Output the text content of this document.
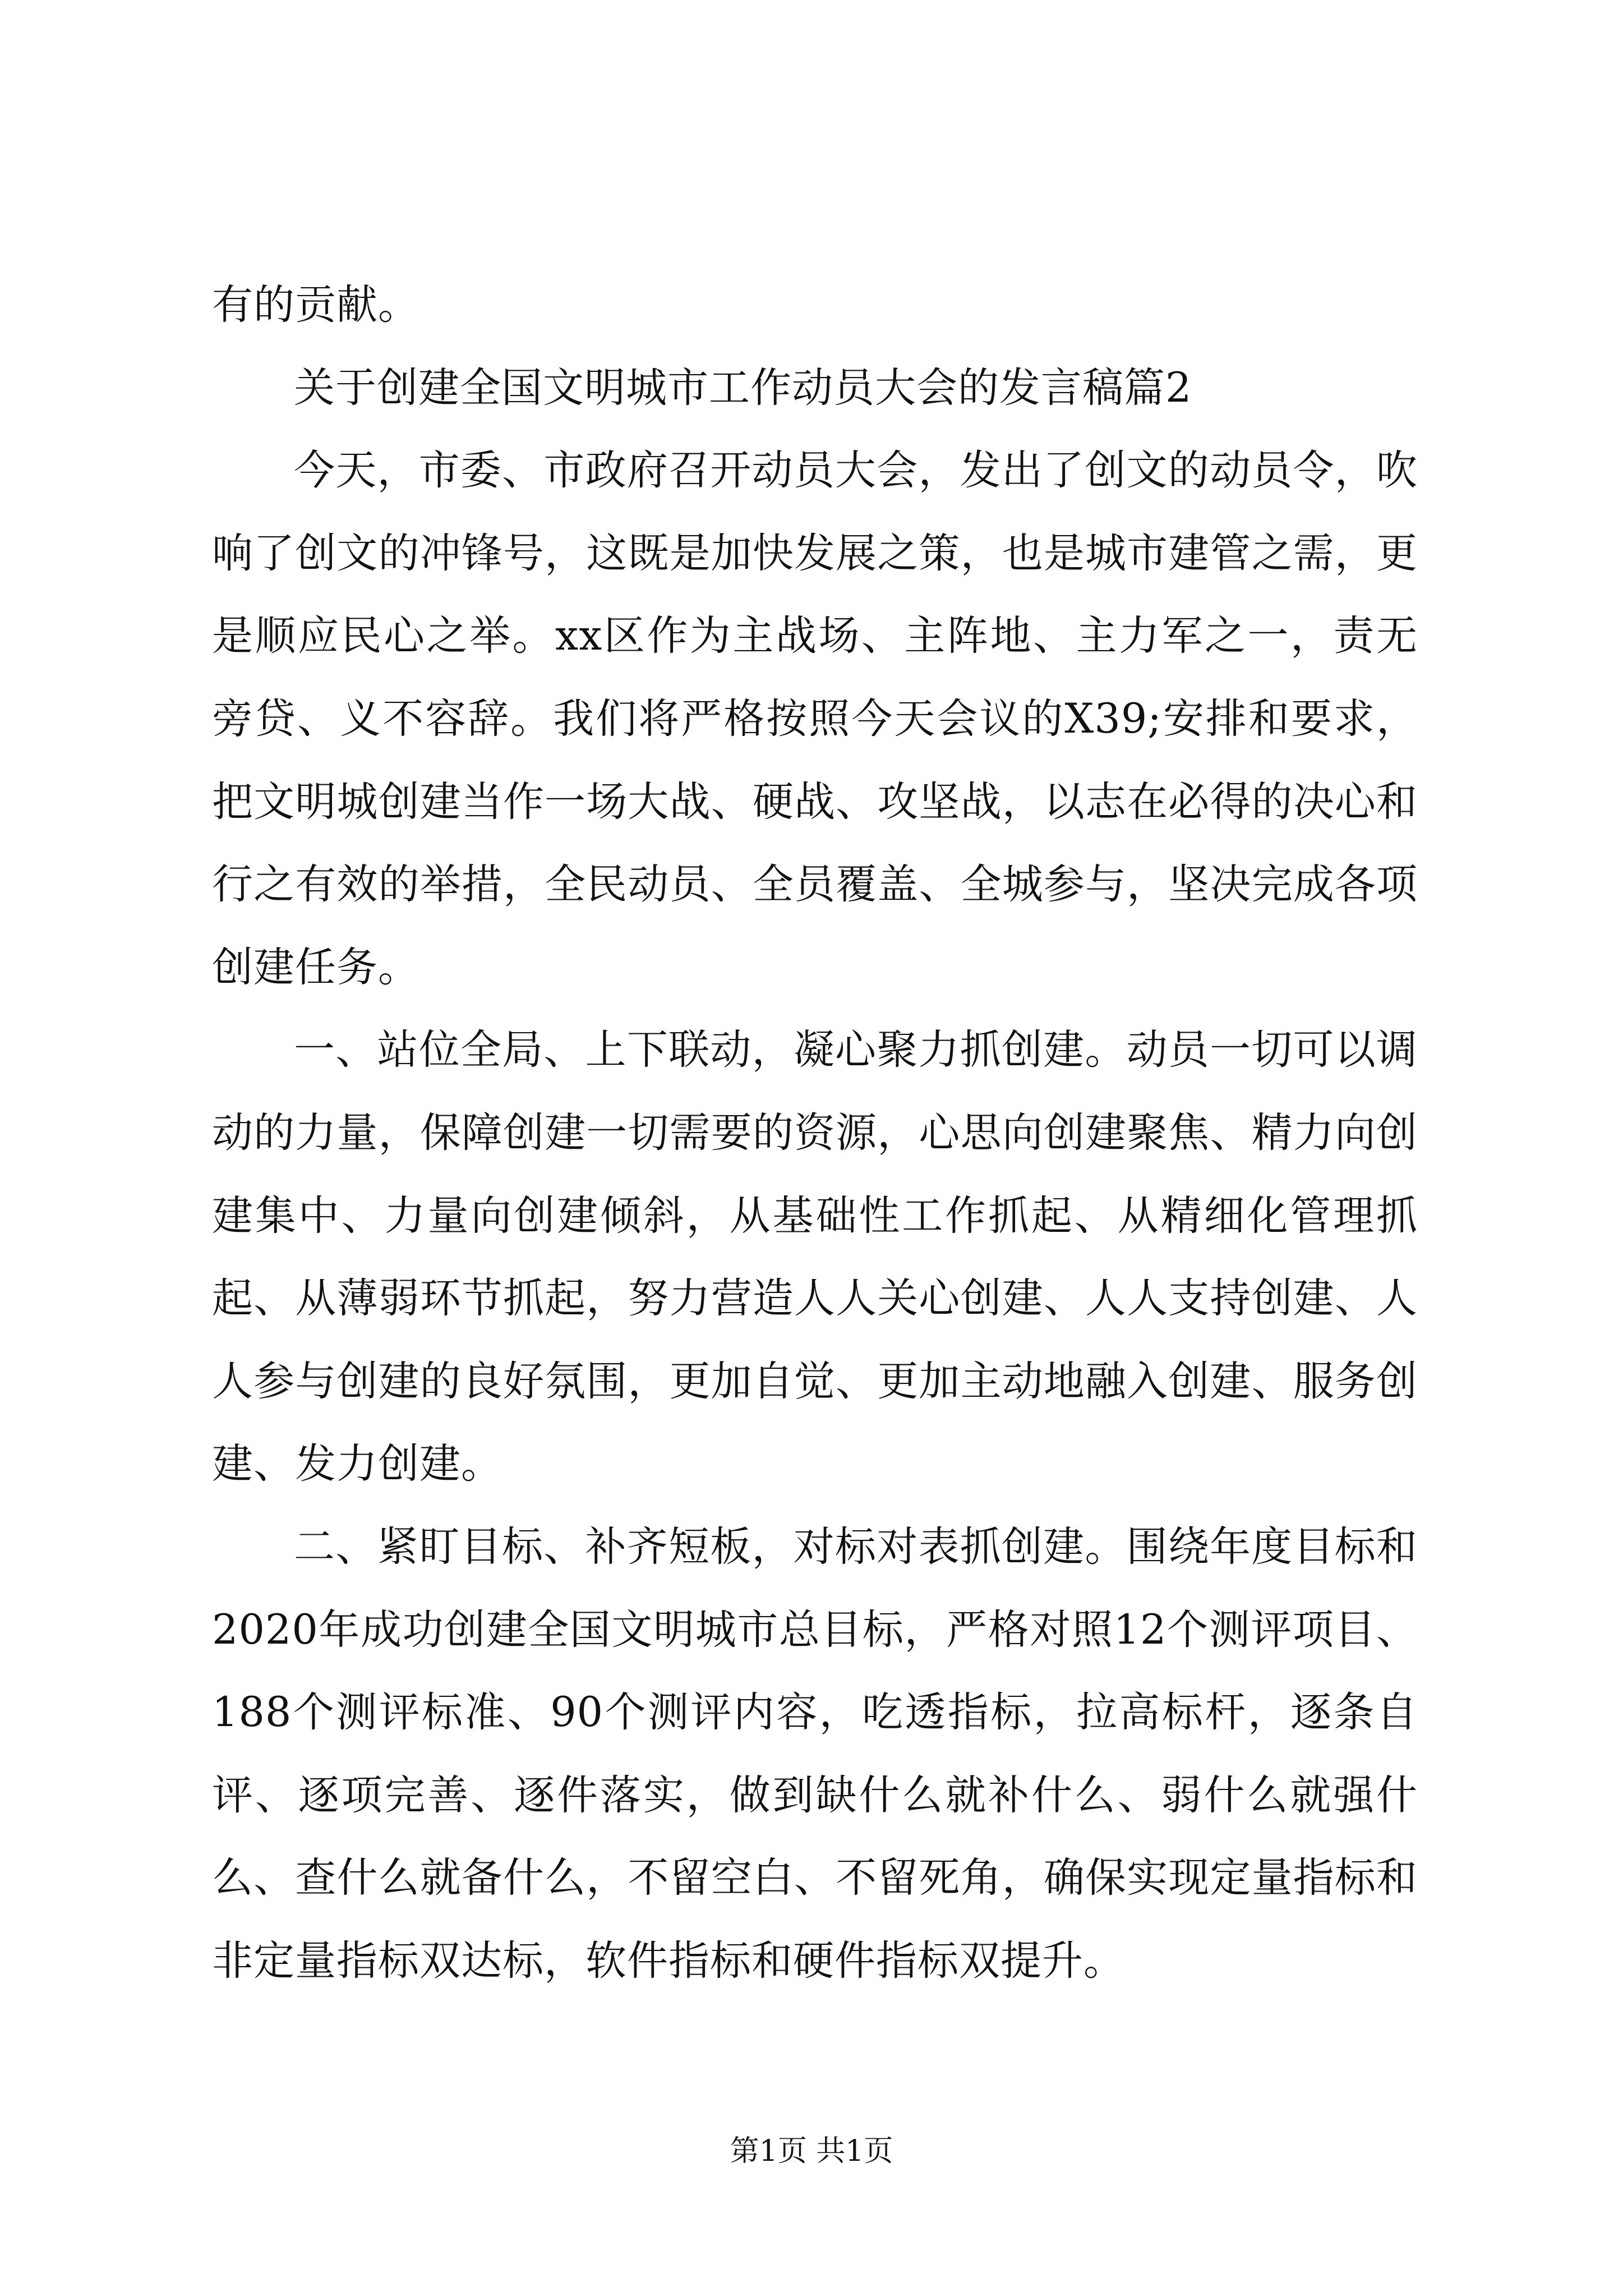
有的贡献。

关于创建全国文明城市工作动员大会的发言稿篇2

今天，市委、市政府召开动员大会，发出了创文的动员令，吹响了创文的冲锋号，这既是加快发展之策，也是城市建管之需，更是顺应民心之举。xx区作为主战场、主阵地、主力军之一，责无旁贷、义不容辞。我们将严格按照今天会议的X39;安排和要求，把文明城创建当作一场大战、硬战、攻坚战，以志在必得的决心和行之有效的举措，全民动员、全员覆盖、全城参与，坚决完成各项创建任务。

一、站位全局、上下联动，凝心聚力抓创建。动员一切可以调动的力量，保障创建一切需要的资源，心思向创建聚焦、精力向创建集中、力量向创建倾斜，从基础性工作抓起、从精细化管理抓起、从薄弱环节抓起，努力营造人人关心创建、人人支持创建、人人参与创建的良好氛围，更加自觉、更加主动地融入创建、服务创建、发力创建。

二、紧盯目标、补齐短板，对标对表抓创建。围绕年度目标和2020年成功创建全国文明城市总目标，严格对照12个测评项目、188个测评标准、90个测评内容，吃透指标，拉高标杆，逐条自评、逐项完善、逐件落实，做到缺什么就补什么、弱什么就强什么、查什么就备什么，不留空白、不留死角，确保实现定量指标和非定量指标双达标，软件指标和硬件指标双提升。

第1页 共1页
